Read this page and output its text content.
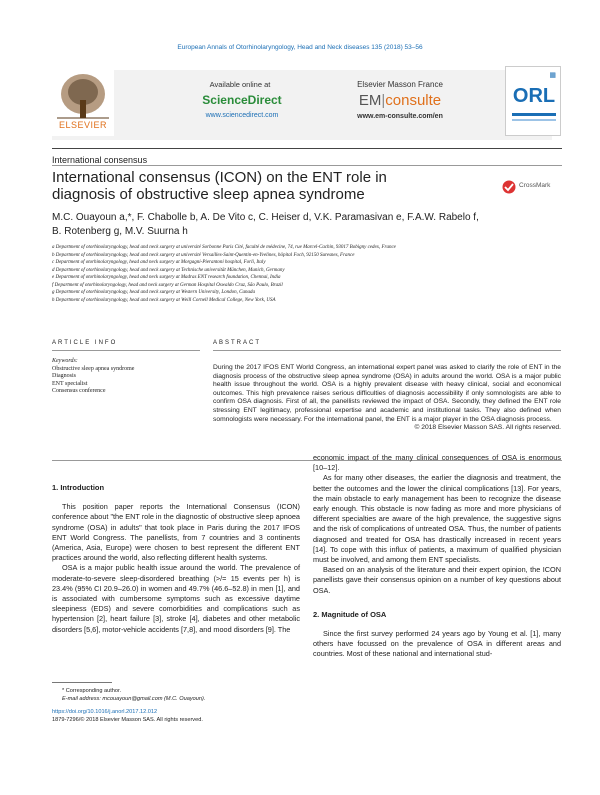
European Annals of Otorhinolaryngology, Head and Neck diseases 135 (2018) 53–56
ELSEVIER
Available online at
ScienceDirect
www.sciencedirect.com
Elsevier Masson France
EM|consulte
www.em-consulte.com/en
▦
ORL
International consensus
International consensus (ICON) on the ENT role in diagnosis of obstructive sleep apnea syndrome
CrossMark
M.C. Ouayoun a,*, F. Chabolle b, A. De Vito c, C. Heiser d, V.K. Paramasivan e, F.A.W. Rabelo f,
B. Rotenberg g, M.V. Suurna h
a Department of otorhinolaryngology, head and neck surgery at université Sorbonne Paris Cité, faculté de médecine, 74, rue Marcel-Cachin, 93017 Bobigny cedex, France
b Department of otorhinolaryngology, head and neck surgery at université Versailles-Saint-Quentin-en-Yvelines, hôpital Foch, 92150 Suresnes, France
c Department of otorhinolaryngology, head and neck surgery at Morgagni-Pierantoni hospital, Forlì, Italy
d Department of otorhinolaryngology, head and neck surgery at Technische universität München, Munich, Germany
e Department of otorhinolaryngology, head and neck surgery at Madras ENT research foundation, Chennai, India
f Department of otorhinolaryngology, head and neck surgery at German Hospital Oswaldo Cruz, São Paulo, Brazil
g Department of otorhinolaryngology, head and neck surgery at Western University, London, Canada
h Department of otorhinolaryngology, head and neck surgery at Weill Cornell Medical College, New York, USA
ARTICLE INFO	ABSTRACT
Keywords:
Obstructive sleep apnea syndrome
Diagnosis
ENT specialist
Consensus conference
During the 2017 IFOS ENT World Congress, an international expert panel was asked to clarify the role of ENT in the diagnosis process of the obstructive sleep apnea syndrome (OSA) in adults around the world. OSA is a major public health issue throughout the world. OSA is a highly prevalent disease with heavy clinical, social and economical outcomes. This high prevalence raises serious difficulties of diagnosis accessibility if only somnologists are able to confirm OSA diagnosis. First of all, the panellists reviewed the impact of OSA. Secondly, they defined the ENT role stressing ENT legitimacy, professional expertise and academic and institutional tasks. They also defined when somnologists were necessary. For the international panel, the ENT is a major player in the OSA diagnosis process.
© 2018 Elsevier Masson SAS. All rights reserved.

1. Introduction

This position paper reports the International Consensus (ICON) conference about "the ENT role in the diagnostic of obstructive sleep apnoea syndrome (OSA) in adults" that took place in Paris during the 2017 IFOS ENT World Congress. The panellists, from 7 countries and 3 continents (America, Asia, Europe) were chosen to best represent the different ENT practices around the world, also reflecting different health systems.

OSA is a major public health issue around the world. The prevalence of moderate-to-severe sleep-disordered breathing (>/= 15 events per h) is 23.4% (95% CI 20.9–26.0) in women and 49.7% (46.6–52.8) in men [1], and is associated with cumbersome symptoms such as excessive daytime sleepiness (EDS) and severe comorbidities and complications such as hypertension [2], heart failure [3], stroke [4], diabetes and other metabolic disorders [5,6], motor-vehicle accidents [7,8], and mood disorders [9]. The

economic impact of the many clinical consequences of OSA is enormous [10–12].

As for many other diseases, the earlier the diagnosis and treatment, the better the outcomes and the lower the clinical complications [13]. For years, the main obstacle to early management has been to recognize the disease early enough. This obstacle is now fading as more and more physicians of different specialties are aware of the high prevalence, the suggestive signs and the risk of complications of untreated OSA. Thus, the number of patients diagnosed and treated for OSA has drastically increased in recent years [14]. To cope with this influx of patients, a maximum of qualified physician must be involved, and among them ENT specialists.

Based on an analysis of the literature and their expert opinion, the ICON panellists gave their consensus opinion on a number of key questions about OSA.

2. Magnitude of OSA

Since the first survey performed 24 years ago by Young et al. [1], many others have focussed on the prevalence of OSA in different areas and countries. Most of these national and international stud-

* Corresponding author.
E-mail address: mcouayoun@gmail.com (M.C. Ouayoun).
https://doi.org/10.1016/j.anorl.2017.12.012
1879-7296/© 2018 Elsevier Masson SAS. All rights reserved.
